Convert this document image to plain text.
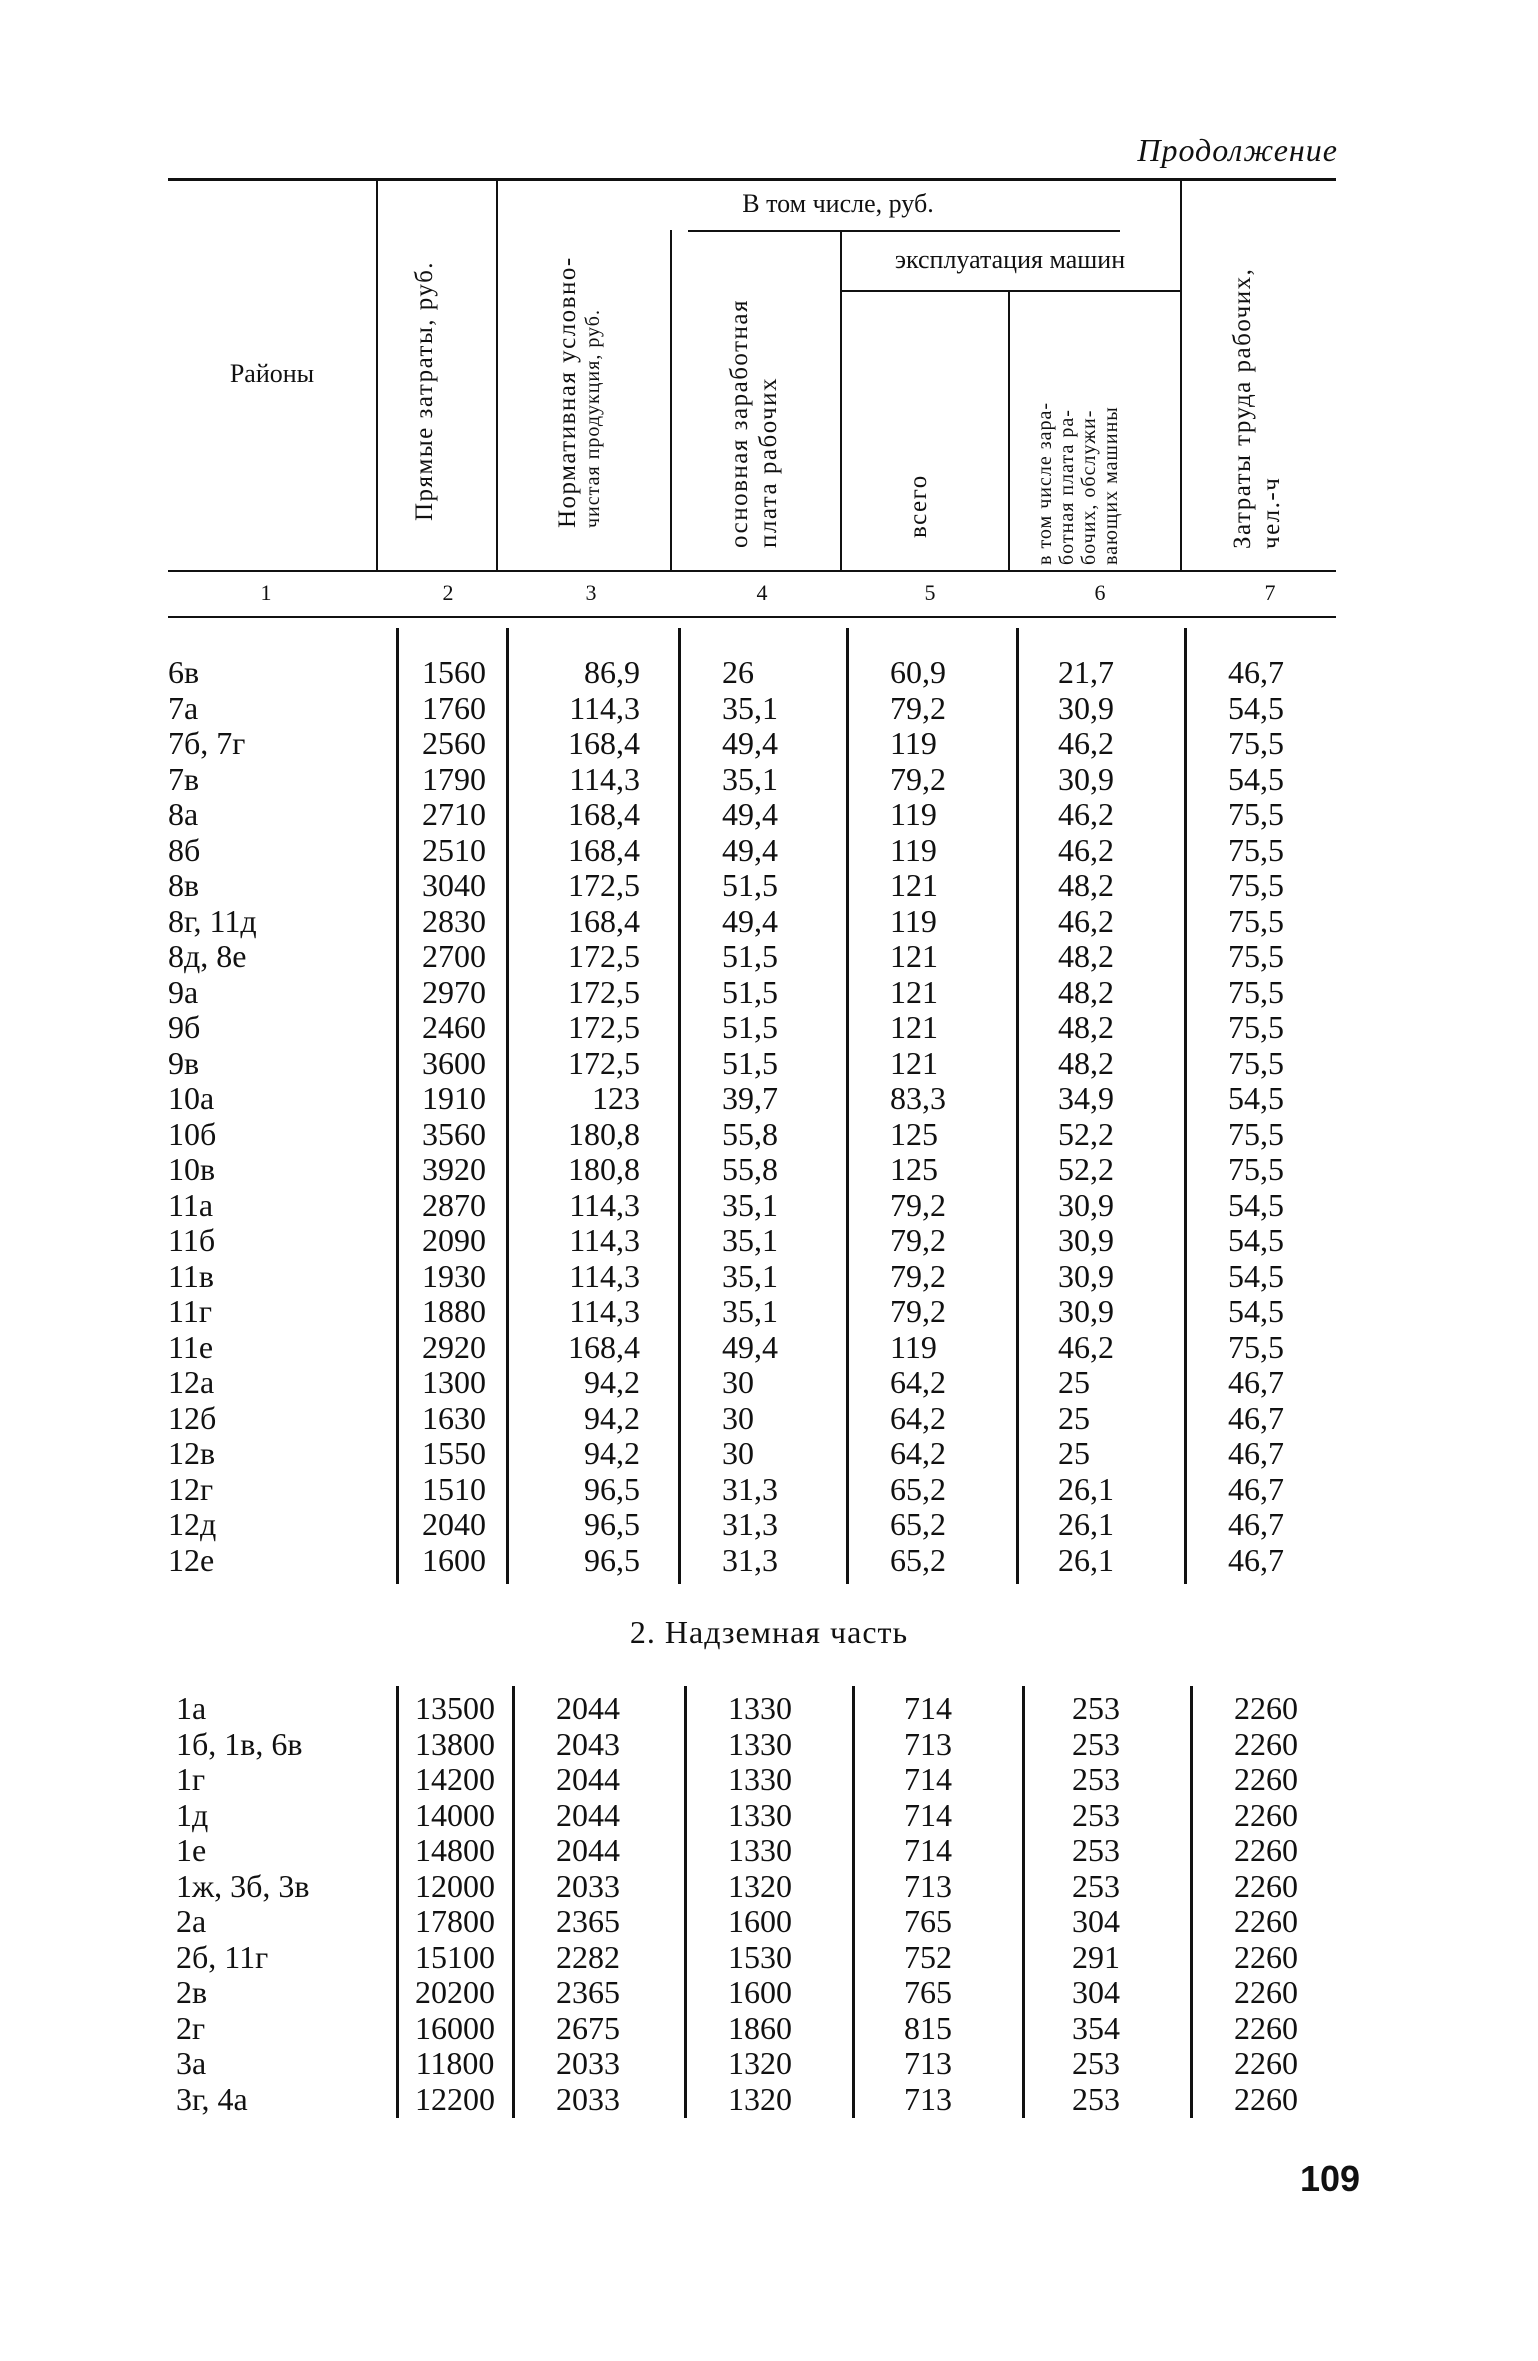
Продолжение
Районы
В том числе, руб.
эксплуатация машин
Прямые затраты, руб.	Нормативная условно- чистая продукция, руб.	основная заработная плата рабочих	всего	в том числе зара- ботная плата ра- бочих, обслужи- вающих машины	Затраты труда рабочих, чел.-ч
1	2	3	4	5	6	7
6в	1560	86,9	26	60,9	21,7	46,7
7а	1760	114,3	35,1	79,2	30,9	54,5
7б, 7г	2560	168,4	49,4	119	46,2	75,5
7в	1790	114,3	35,1	79,2	30,9	54,5
8а	2710	168,4	49,4	119	46,2	75,5
8б	2510	168,4	49,4	119	46,2	75,5
8в	3040	172,5	51,5	121	48,2	75,5
8г, 11д	2830	168,4	49,4	119	46,2	75,5
8д, 8е	2700	172,5	51,5	121	48,2	75,5
9а	2970	172,5	51,5	121	48,2	75,5
9б	2460	172,5	51,5	121	48,2	75,5
9в	3600	172,5	51,5	121	48,2	75,5
10а	1910	123	39,7	83,3	34,9	54,5
10б	3560	180,8	55,8	125	52,2	75,5
10в	3920	180,8	55,8	125	52,2	75,5
11а	2870	114,3	35,1	79,2	30,9	54,5
11б	2090	114,3	35,1	79,2	30,9	54,5
11в	1930	114,3	35,1	79,2	30,9	54,5
11г	1880	114,3	35,1	79,2	30,9	54,5
11е	2920	168,4	49,4	119	46,2	75,5
12а	1300	94,2	30	64,2	25	46,7
12б	1630	94,2	30	64,2	25	46,7
12в	1550	94,2	30	64,2	25	46,7
12г	1510	96,5	31,3	65,2	26,1	46,7
12д	2040	96,5	31,3	65,2	26,1	46,7
12е	1600	96,5	31,3	65,2	26,1	46,7
2. Надземная часть
1а	13500	2044	1330	714	253	2260
1б, 1в, 6в	13800	2043	1330	713	253	2260
1г	14200	2044	1330	714	253	2260
1д	14000	2044	1330	714	253	2260
1е	14800	2044	1330	714	253	2260
1ж, 3б, 3в	12000	2033	1320	713	253	2260
2а	17800	2365	1600	765	304	2260
2б, 11г	15100	2282	1530	752	291	2260
2в	20200	2365	1600	765	304	2260
2г	16000	2675	1860	815	354	2260
3а	11800	2033	1320	713	253	2260
3г, 4а	12200	2033	1320	713	253	2260
109
